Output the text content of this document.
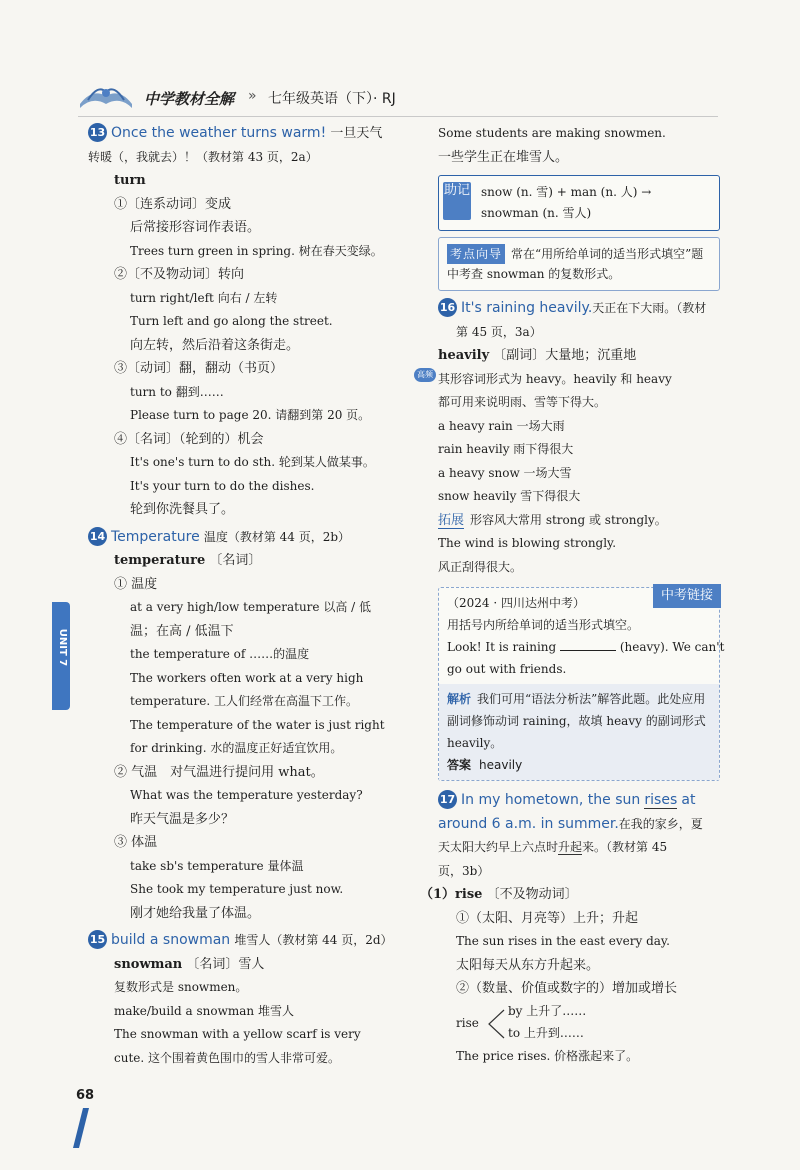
中学教材全解 » 七年级英语（下）· RJ
13 Once the weather turns warm! 一旦天气
转暖（，我就去）！（教材第 43 页，2a）
turn
①〔连系动词〕变成
后常接形容词作表语。
Trees turn green in spring. 树在春天变绿。
②〔不及物动词〕转向
turn right/left 向右 / 左转
Turn left and go along the street.
向左转，然后沿着这条街走。
③〔动词〕翻，翻动（书页）
turn to 翻到……
Please turn to page 20. 请翻到第 20 页。
④〔名词〕（轮到的）机会
It's one's turn to do sth. 轮到某人做某事。
It's your turn to do the dishes.
轮到你洗餐具了。
14 Temperature 温度（教材第 44 页，2b）
temperature 〔名词〕
① 温度
at a very high/low temperature 以高 / 低
温；在高 / 低温下
the temperature of ……的温度
The workers often work at a very high
temperature. 工人们经常在高温下工作。
The temperature of the water is just right
for drinking. 水的温度正好适宜饮用。
② 气温　对气温进行提问用 what。
What was the temperature yesterday?
昨天气温是多少？
③ 体温
take sb's temperature 量体温
She took my temperature just now.
刚才她给我量了体温。
15 build a snowman 堆雪人（教材第 44 页，2d）
snowman 〔名词〕雪人
复数形式是 snowmen。
make/build a snowman 堆雪人
The snowman with a yellow scarf is very
cute. 这个围着黄色围巾的雪人非常可爱。
Some students are making snowmen.
一些学生正在堆雪人。
助记 snow (n. 雪) + man (n. 人) → snowman (n. 雪人)
考点向导 常在“用所给单词的适当形式填空”题中考查 snowman 的复数形式。
16 It's raining heavily.天正在下大雨。（教材
第 45 页，3a）
heavily 〔副词〕大量地；沉重地
高频 其形容词形式为 heavy。heavily 和 heavy
都可用来说明雨、雪等下得大。
a heavy rain 一场大雨
rain heavily 雨下得很大
a heavy snow 一场大雪
snow heavily 雪下得很大
拓展 形容风大常用 strong 或 strongly。
The wind is blowing strongly.
风正刮得很大。
中考链接
（2024 · 四川达州中考）
用括号内所给单词的适当形式填空。
Look! It is raining	(heavy). We can't
go out with friends.
解析 我们可用“语法分析法”解答此题。此处应用副词修饰动词 raining，故填 heavy 的副词形式 heavily。
答案 heavily
17 In my hometown, the sun rises at
around 6 a.m. in summer.在我的家乡，夏
天太阳大约早上六点时升起来。（教材第 45
页，3b）
（1）rise 〔不及物动词〕
①（太阳、月亮等）上升；升起
The sun rises in the east every day.
太阳每天从东方升起来。
②（数量、价值或数字的）增加或增长
rise
by 上升了……
to 上升到……
The price rises. 价格涨起来了。
UNIT 7
68
